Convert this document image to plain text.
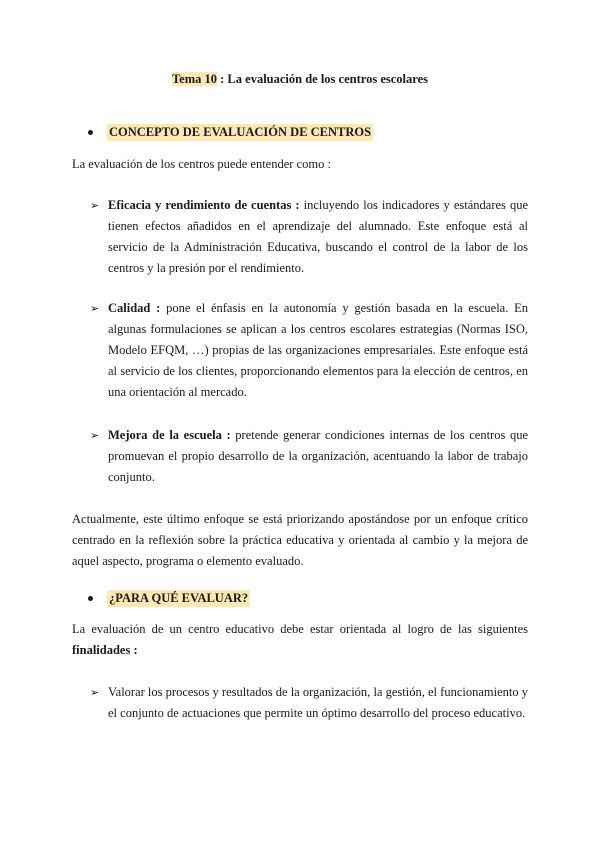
Tema 10 : La evaluación de los centros escolares
CONCEPTO DE EVALUACIÓN DE CENTROS
La evaluación de los centros puede entender como :
➢ Eficacia y rendimiento de cuentas : incluyendo los indicadores y estándares que tienen efectos añadidos en el aprendizaje del alumnado. Este enfoque está al servicio de la Administración Educativa, buscando el control de la labor de los centros y la presión por el rendimiento.
➢ Calidad : pone el énfasis en la autonomía y gestión basada en la escuela. En algunas formulaciones se aplican a los centros escolares estrategias (Normas ISO, Modelo EFQM, …) propias de las organizaciones empresariales. Este enfoque está al servicio de los clientes, proporcionando elementos para la elección de centros, en una orientación al mercado.
➢ Mejora de la escuela : pretende generar condiciones internas de los centros que promuevan el propio desarrollo de la organización, acentuando la labor de trabajo conjunto.
Actualmente, este último enfoque se está priorizando apostándose por un enfoque crítico centrado en la reflexión sobre la práctica educativa y orientada al cambio y la mejora de aquel aspecto, programa o elemento evaluado.
¿PARA QUÉ EVALUAR?
La evaluación de un centro educativo debe estar orientada al logro de las siguientes finalidades :
➢ Valorar los procesos y resultados de la organización, la gestión, el funcionamiento y el conjunto de actuaciones que permite un óptimo desarrollo del proceso educativo.
